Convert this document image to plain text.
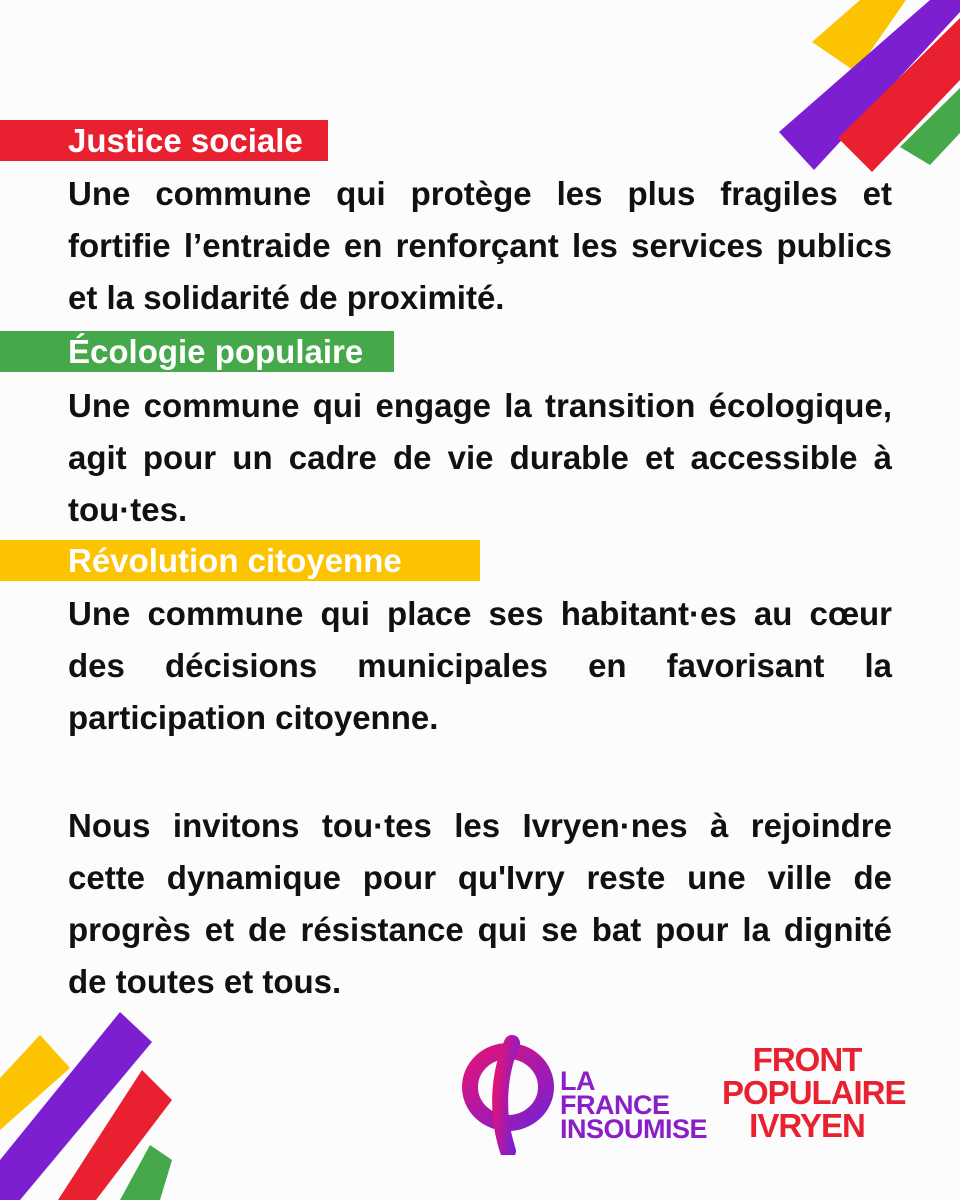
Justice sociale

Une commune qui protège les plus fragiles et fortifie l’entraide en renforçant les services publics et la solidarité de proximité.

Écologie populaire

Une commune qui engage la transition écologique, agit pour un cadre de vie durable et accessible à tou·tes.

Révolution citoyenne

Une commune qui place ses habitant·es au cœur des décisions municipales en favorisant la participation citoyenne.

Nous invitons tou·tes les Ivryen·nes à rejoindre cette dynamique pour qu'Ivry reste une ville de progrès et de résistance qui se bat pour la dignité de toutes et tous.

LA
FRANCE
INSOUMISE
FRONT
POPULAIRE
IVRYEN
